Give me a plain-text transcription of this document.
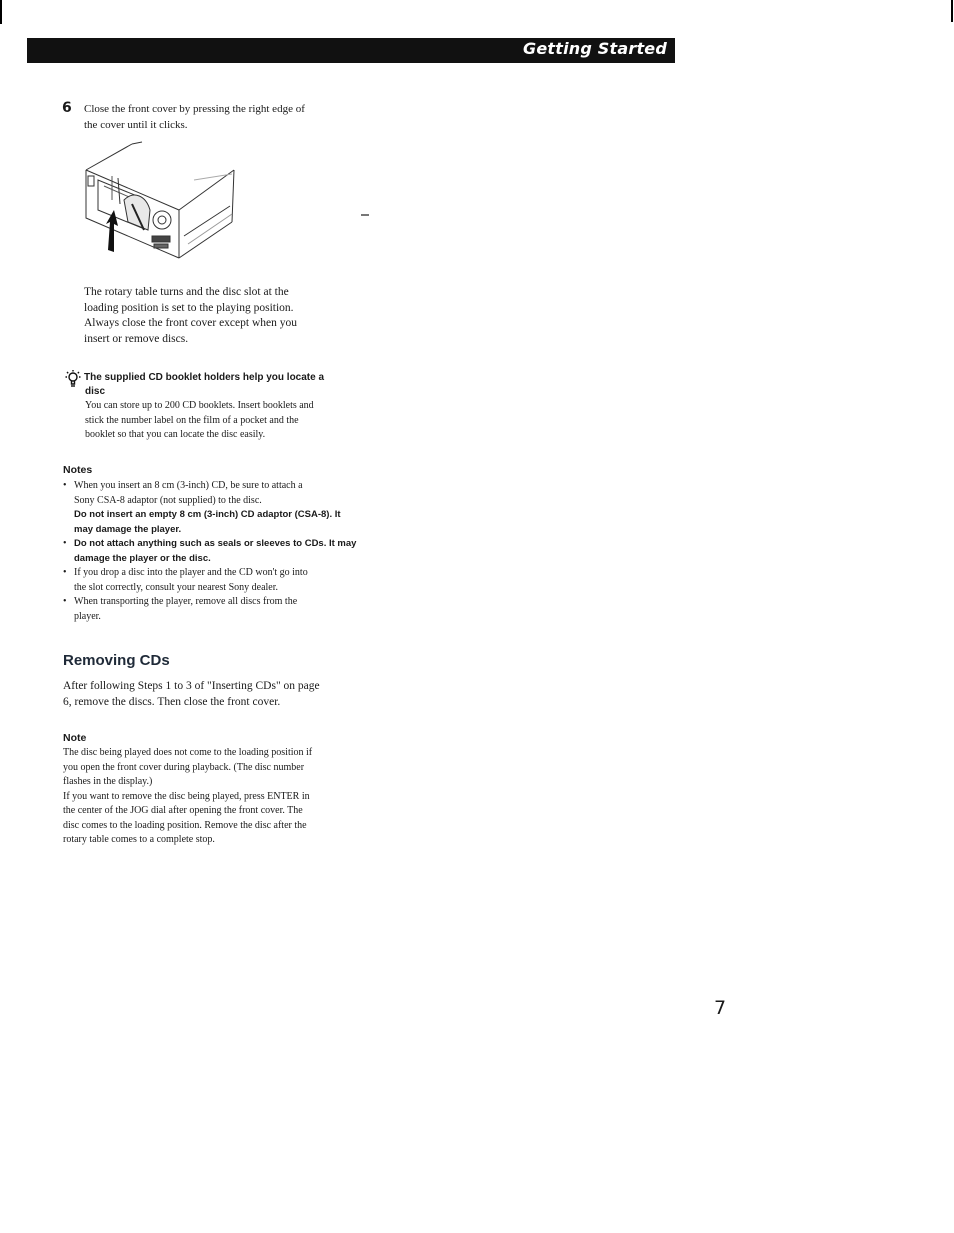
Getting Started
6 Close the front cover by pressing the right edge of
the cover until it clicks.
The rotary table turns and the disc slot at the
loading position is set to the playing position.
Always close the front cover except when you
insert or remove discs.
The supplied CD booklet holders help you locate a
disc
You can store up to 200 CD booklets. Insert booklets and
stick the number label on the film of a pocket and the
booklet so that you can locate the disc easily.
Notes
• When you insert an 8 cm (3-inch) CD, be sure to attach a
Sony CSA-8 adaptor (not supplied) to the disc.
Do not insert an empty 8 cm (3-inch) CD adaptor (CSA-8). It
may damage the player.
• Do not attach anything such as seals or sleeves to CDs. It may
damage the player or the disc.
• If you drop a disc into the player and the CD won't go into
the slot correctly, consult your nearest Sony dealer.
• When transporting the player, remove all discs from the
player.
Removing CDs
After following Steps 1 to 3 of "Inserting CDs" on page
6, remove the discs. Then close the front cover.
Note
The disc being played does not come to the loading position if
you open the front cover during playback. (The disc number
flashes in the display.)
If you want to remove the disc being played, press ENTER in
the center of the JOG dial after opening the front cover. The
disc comes to the loading position. Remove the disc after the
rotary table comes to a complete stop.
7
